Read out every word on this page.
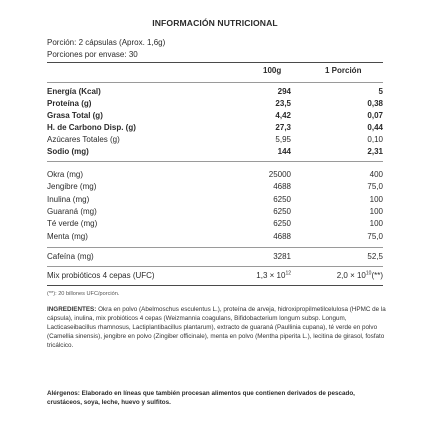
INFORMACIÓN NUTRICIONAL
Porción: 2 cápsulas (Aprox. 1,6g)
Porciones por envase: 30
100g	1 Porción
Energía (Kcal)	294	5
Proteína (g)	23,5	0,38
Grasa Total (g)	4,42	0,07
H. de Carbono Disp. (g)	27,3	0,44
Azúcares Totales (g)	5,95	0,10
Sodio (mg)	144	2,31
Okra (mg)	25000	400
Jengibre (mg)	4688	75,0
Inulina (mg)	6250	100
Guaraná (mg)	6250	100
Té verde (mg)	6250	100
Menta (mg)	4688	75,0
Cafeína (mg)	3281	52,5
Mix probióticos 4 cepas (UFC)	$1,3 \times 10^{12}$	$2,0 \times 10^{10}(**)$
(**): 20 billones UFC/porción.
INGREDIENTES: Okra en polvo (Abelmoschus esculentus L.), proteína de arveja, hidroxipropilmetilcelulosa (HPMC de la cápsula), inulina, mix probióticos 4 cepas (Weizmannia coagulans, Bifidobacterium longum subsp. Longum, Lacticaseibacillus rhamnosus, Lactiplantibacillus plantarum), extracto de guaraná (Paullinia cupana), té verde en polvo (Camellia sinensis), jengibre en polvo (Zingiber officinale), menta en polvo (Mentha piperita L.), lecitina de girasol, fosfato tricálcico.
Alérgenos: Elaborado en líneas que también procesan alimentos que contienen derivados de pescado, crustáceos, soya, leche, huevo y sulfitos.
